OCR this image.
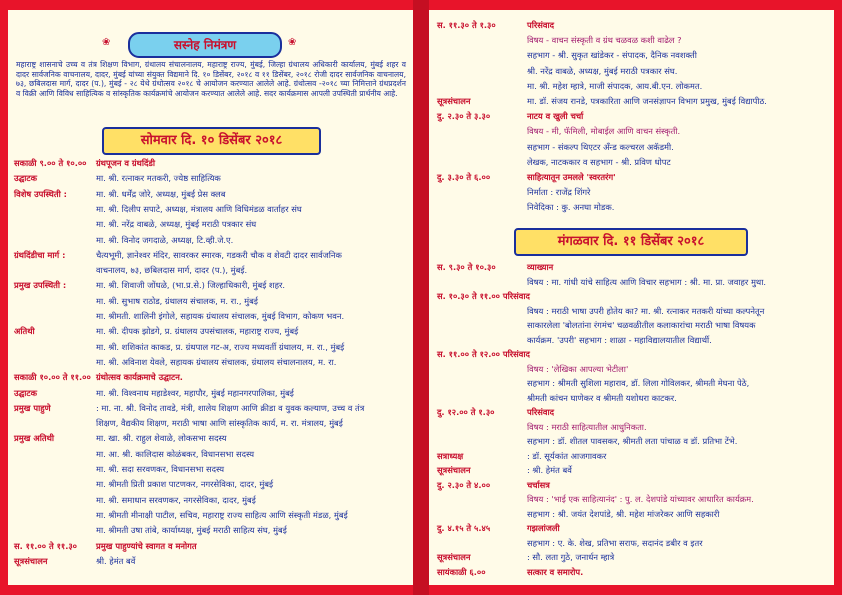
❀	सस्नेह निमंत्रण	❀
महाराष्ट्र शासनाचे उच्च व तंत्र शिक्षण विभाग, ग्रंथालय संचालनालय, महाराष्ट्र राज्य, मुंबई, जिल्हा ग्रंथालय अधिकारी कार्यालय, मुंबई शहर व दादर सार्वजनिक वाचनालय, दादर, मुंबई यांच्या संयुक्त विद्यमाने दि. १० डिसेंबर, २०१८ व ११ डिसेंबर, २०१८ रोजी दादर सार्वजनिक वाचनालय, ७३, छबिलदास मार्ग, दादर (प.), मुंबई - २८ येथे ग्रंथोत्सव २०१८ चे आयोजन करण्यात आलेले आहे. ग्रंथोत्सव -२०१८ च्या निमित्ताने ग्रंथप्रदर्शन व विक्री आणि विविध साहित्यिक व सांस्कृतिक कार्यक्रमांचे आयोजन करण्यात आलेले आहे. सदर कार्यक्रमास आपली उपस्थिती प्रार्थनीय आहे.
सोमवार दि. १० डिसेंबर २०१८
सकाळी ९.०० ते १०.०० ग्रंथपूजन व ग्रंथदिंडी
उद्घाटक	मा. श्री. रत्नाकर मतकरी, ज्येष्ठ साहित्यिक
विशेष उपस्थिती :	मा. श्री. धर्मेंद्र जोरे, अध्यक्ष, मुंबई प्रेस क्लब
मा. श्री. दिलीप सपाटे, अध्यक्ष, मंत्रालय आणि विधिमंडळ वार्ताहर संघ
मा. श्री. नरेंद्र वाबळे, अध्यक्ष, मुंबई मराठी पत्रकार संघ
मा. श्री. विनोद जगदाळे, अध्यक्ष, टि.व्ही.जे.ए.
ग्रंथदिंडीचा मार्ग :	चैत्यभूमी, ज्ञानेश्वर मंदिर, सावरकर स्मारक, गडकरी चौक व शेवटी दादर सार्वजनिक
वाचनालय, ७३, छबिलदास मार्ग, दादर (प.), मुंबई.
प्रमुख उपस्थिती :	मा. श्री. शिवाजी जोंधळे, (भा.प्र.से.) जिल्हाधिकारी, मुंबई शहर.
मा. श्री. सुभाष राठोड, ग्रंथालय संचालक, म. रा., मुंबई
मा. श्रीमती. शालिनी इंगोले, सहायक ग्रंथालय संचालक, मुंबई विभाग, कोकण भवन.
अतिथी	मा. श्री. दीपक झोडगे, प्र. ग्रंथालय उपसंचालक, महाराष्ट्र राज्य, मुंबई
मा. श्री. शशिकांत काकड, प्र. ग्रंथपाल गट-अ, राज्य मध्यवर्ती ग्रंथालय, म. रा., मुंबई
मा. श्री. अविनाश येवले, सहायक ग्रंथालय संचालक, ग्रंथालय संचालनालय, म. रा.
सकाळी १०.०० ते ११.०० ग्रंथोत्सव कार्यक्रमाचे उद्घाटन.
उद्घाटक	मा. श्री. विश्वनाथ महाडेश्वर, महापौर, मुंबई महानगरपालिका, मुंबई
प्रमुख पाहुणे	: मा. ना. श्री. विनोद तावडे, मंत्री, शालेय शिक्षण आणि क्रीडा व युवक कल्याण, उच्च व तंत्र
शिक्षण, वैद्यकीय शिक्षण, मराठी भाषा आणि सांस्कृतिक कार्य, म. रा. मंत्रालय, मुंबई
प्रमुख अतिथी	मा. खा. श्री. राहुल शेवाळे, लोकसभा सदस्य
मा. आ. श्री. कालिदास कोळंबकर, विधानसभा सदस्य
मा. श्री. सदा सरवणकर, विधानसभा सदस्य
मा. श्रीमती प्रिती प्रकाश पाटणकर, नगरसेविका, दादर, मुंबई
मा. श्री. समाधान सरवणकर, नगरसेविका, दादर, मुंबई
मा. श्रीमती मीनाक्षी पाटील, सचिव, महाराष्ट्र राज्य साहित्य आणि संस्कृती मंडळ, मुंबई
मा. श्रीमती उषा तांबे, कार्याध्यक्ष, मुंबई मराठी साहित्य संघ, मुंबई
स. ११.०० ते ११.३० प्रमुख पाहुण्यांचे स्वागत व मनोगत
सूत्रसंचालन	श्री. हेमंत बर्वे
स. ११.३० ते १.३०	परिसंवाद
विषय - वाचन संस्कृती व ग्रंथ चळवळ कशी वाढेल ?
सहभाग - श्री. सुकृत खांडेकर - संपादक, दैनिक नवशक्ती
श्री. नरेंद्र वाबळे, अध्यक्ष, मुंबई मराठी पत्रकार संघ.
मा. श्री. महेश म्हात्रे, माजी संपादक, आय.बी.एन. लोकमत.
सूत्रसंचालन	मा. डॉ. संजय रानडे, पत्रकारिता आणि जनसंज्ञापन विभाग प्रमुख, मुंबई विद्यापीठ.
दु. २.३० ते ३.३०	नाटय व खुली चर्चा
विषय - मी, फॅमिली, मोबाईल आणि वाचन संस्कृती.
सहभाग - संकल्प थिएटर अँन्ड कल्चरल अकॅडमी.
लेखक, नाटककार व सहभाग - श्री. प्रविण धोपट
दु. ३.३० ते ६.००	साहित्यातून उमलले 'स्वरतरंग'
निर्माता : राजेंद्र शिंगरे
निवेदिका : कु. अनघा मोडक.
मंगळवार दि. ११ डिसेंबर २०१८
स. ९.३० ते १०.३०	व्याख्यान
विषय : मा. गांधी यांचे साहित्य आणि विचार सहभाग : श्री. मा. प्रा. जवाहर मुथा.
स. १०.३० ते ११.०० परिसंवाद
विषय : मराठी भाषा उपरी होतेय का? मा. श्री. रत्नाकर मतकरी यांच्या कल्पनेतून
साकारलेला 'बोलतांना रंगमंच' चळवळीतील कलाकारांचा मराठी भाषा विषयक
कार्यक्रम. 'उपरी' सहभाग : शाळा - महाविद्यालयातील विद्यार्थी.
स. ११.०० ते १२.०० परिसंवाद
विषय : 'लेखिका आपल्या भेटीला'
सहभाग : श्रीमती सुशिला महाराव, डॉ. लिला गोविलकर, श्रीमती मेघना पेठे,
श्रीमती कांचन घाणेकर व श्रीमती यशोधरा काटकर.
दु. १२.०० ते १.३०	परिसंवाद
विषय : मराठी साहित्यातील आधुनिकता.
सहभाग : डॉ. शीतल पावसकर, श्रीमती लता पांचाळ व डॉ. प्रतिभा टेंभे.
सत्राध्यक्ष	: डॉ. सूर्यकांत आजगावकर
सूत्रसंचालन	: श्री. हेमंत बर्वे
दु. २.३० ते ४.००	चर्चासत्र
विषय : 'भाई एक साहित्यानंद' : पु. ल. देशपांडे यांच्यावर आधारित कार्यक्रम.
सहभाग : श्री. जयंत देशपांडे, श्री. महेश मांजरेकर आणि सहकारी
दु. ४.१५ ते ५.४५	गझलांजली
सहभाग : ए. के. शेख, प्रतिभा सराफ, सदानंद डबीर व इतर
सूत्रसंचालन	: सौ. लता गुठे, जनार्धन म्हात्रे
सायंकाळी ६.००	सत्कार व समारोप.
